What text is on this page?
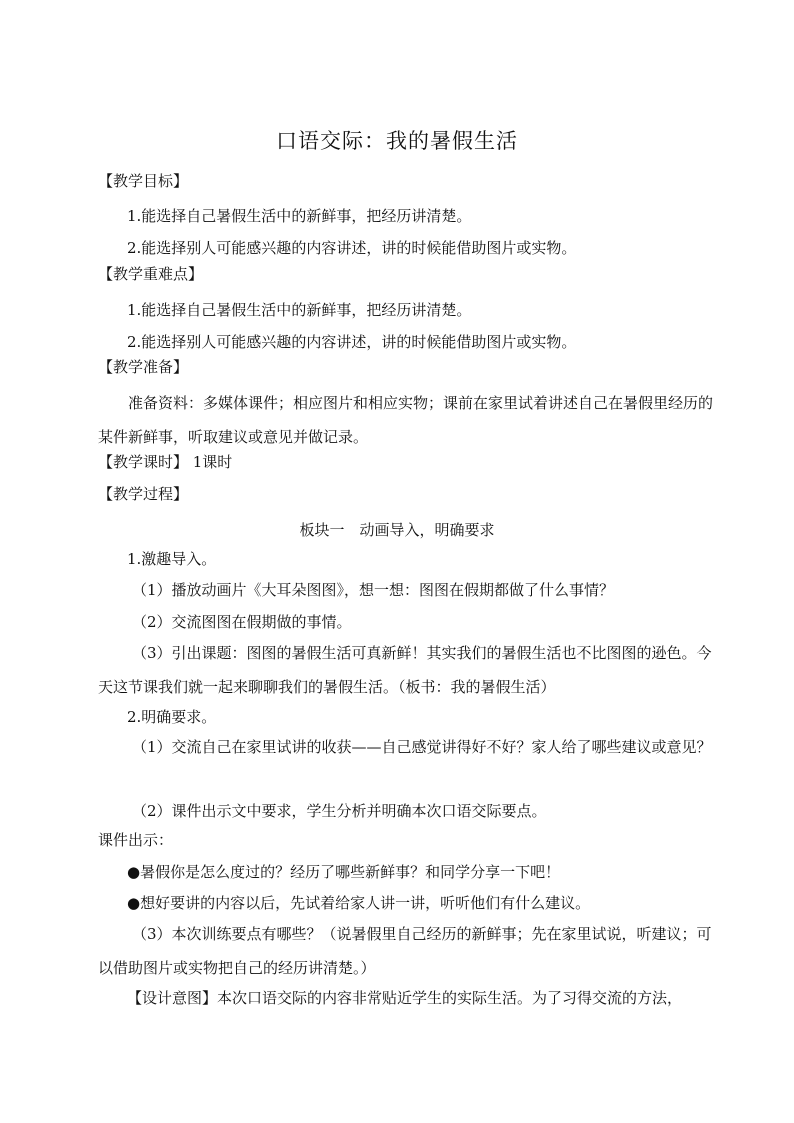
口语交际：我的暑假生活

【教学目标】

1.能选择自己暑假生活中的新鲜事，把经历讲清楚。

2.能选择别人可能感兴趣的内容讲述，讲的时候能借助图片或实物。

【教学重难点】

1.能选择自己暑假生活中的新鲜事，把经历讲清楚。

2.能选择别人可能感兴趣的内容讲述，讲的时候能借助图片或实物。

【教学准备】

准备资料：多媒体课件；相应图片和相应实物；课前在家里试着讲述自己在暑假里经历的某件新鲜事，听取建议或意见并做记录。

【教学课时】 1课时

【教学过程】

板块一　动画导入，明确要求

1.激趣导入。

（1）播放动画片《大耳朵图图》，想一想：图图在假期都做了什么事情？

（2）交流图图在假期做的事情。

（3）引出课题：图图的暑假生活可真新鲜！其实我们的暑假生活也不比图图的逊色。今天这节课我们就一起来聊聊我们的暑假生活。（板书：我的暑假生活）

2.明确要求。

（1）交流自己在家里试讲的收获——自己感觉讲得好不好？家人给了哪些建议或意见？

（2）课件出示文中要求，学生分析并明确本次口语交际要点。

课件出示：

●暑假你是怎么度过的？经历了哪些新鲜事？和同学分享一下吧！

●想好要讲的内容以后，先试着给家人讲一讲，听听他们有什么建议。

（3）本次训练要点有哪些？（说暑假里自己经历的新鲜事；先在家里试说，听建议；可以借助图片或实物把自己的经历讲清楚。）

【设计意图】本次口语交际的内容非常贴近学生的实际生活。为了习得交流的方法，
